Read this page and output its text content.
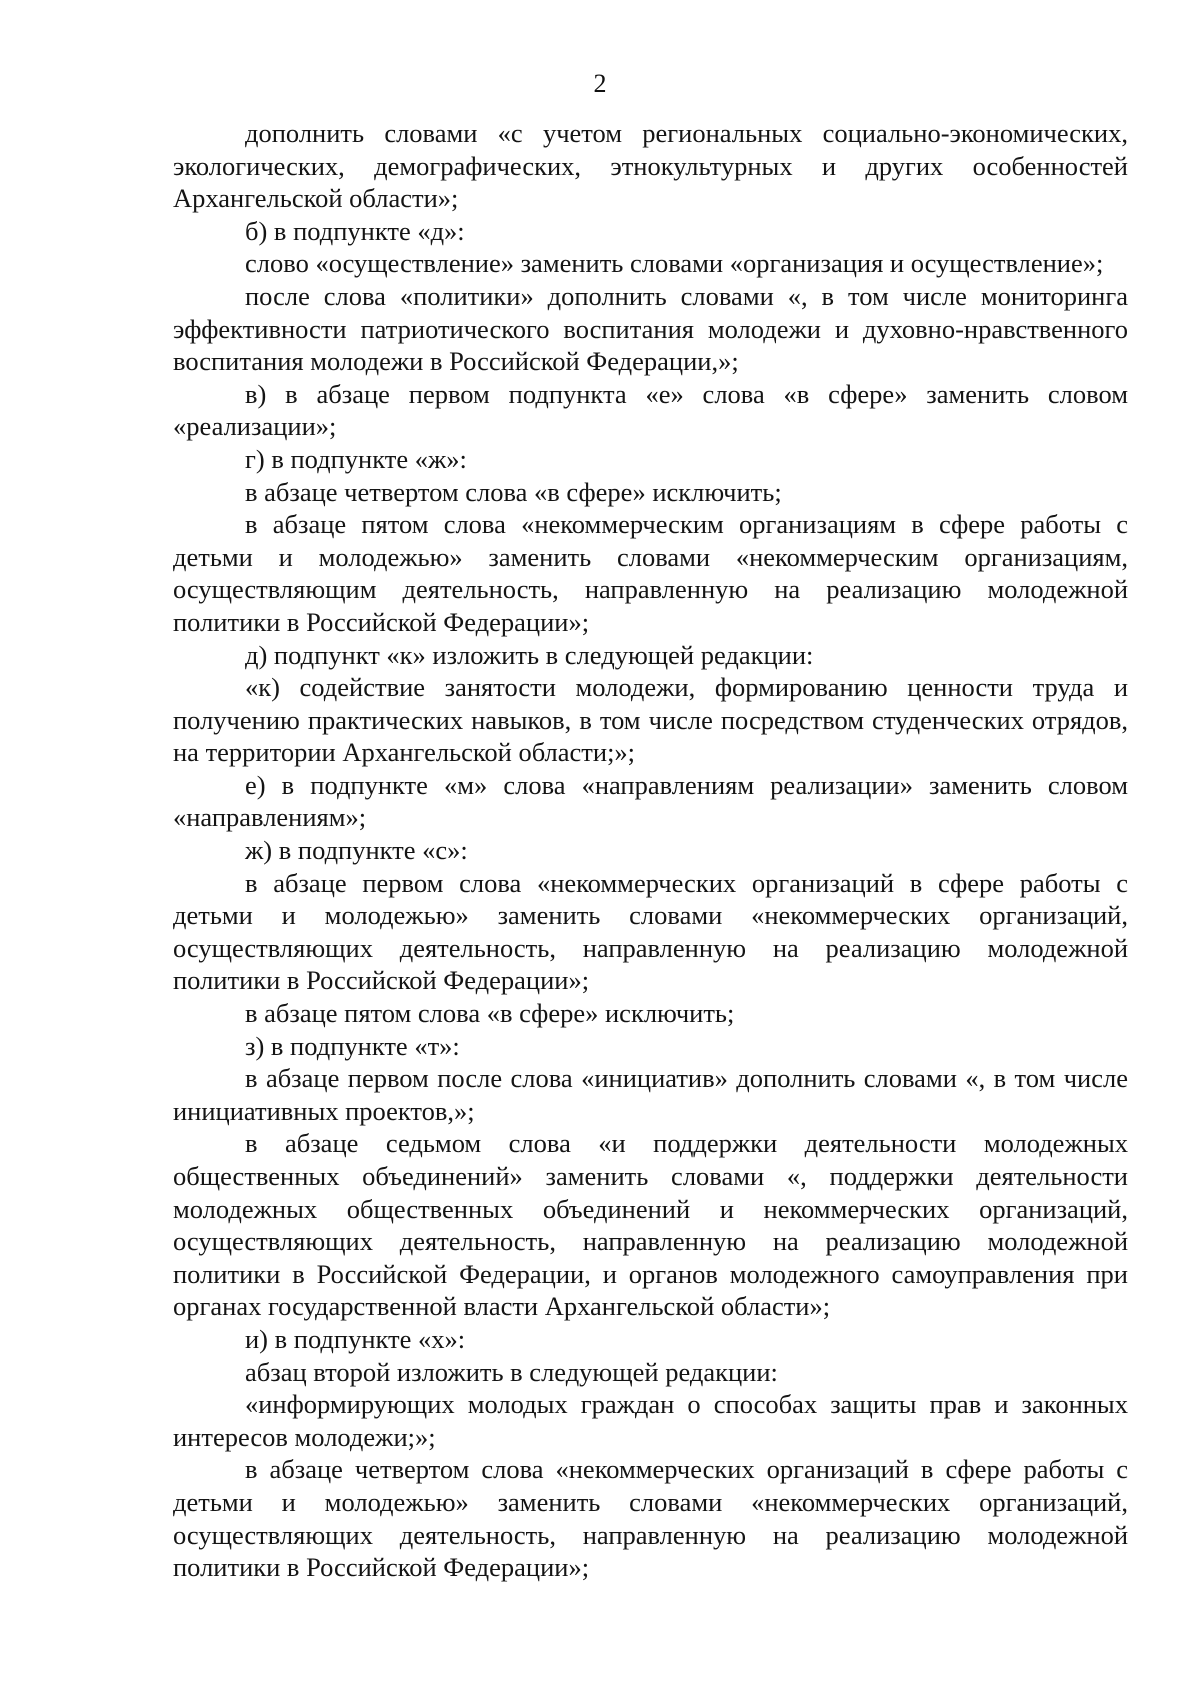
2

дополнить словами «с учетом региональных социально-экономических, экологических, демографических, этнокультурных и других особенностей Архангельской области»;

б) в подпункте «д»:

слово «осуществление» заменить словами «организация и осуществление»;

после слова «политики» дополнить словами «, в том числе мониторинга эффективности патриотического воспитания молодежи и духовно-нравственного воспитания молодежи в Российской Федерации,»;

в) в абзаце первом подпункта «е» слова «в сфере» заменить словом «реализации»;

г) в подпункте «ж»:

в абзаце четвертом слова «в сфере» исключить;

в абзаце пятом слова «некоммерческим организациям в сфере работы с детьми и молодежью» заменить словами «некоммерческим организациям, осуществляющим деятельность, направленную на реализацию молодежной политики в Российской Федерации»;

д) подпункт «к» изложить в следующей редакции:

«к) содействие занятости молодежи, формированию ценности труда и получению практических навыков, в том числе посредством студенческих отрядов, на территории Архангельской области;»;

е) в подпункте «м» слова «направлениям реализации» заменить словом «направлениям»;

ж) в подпункте «с»:

в абзаце первом слова «некоммерческих организаций в сфере работы с детьми и молодежью» заменить словами «некоммерческих организаций, осуществляющих деятельность, направленную на реализацию молодежной политики в Российской Федерации»;

в абзаце пятом слова «в сфере» исключить;

з) в подпункте «т»:

в абзаце первом после слова «инициатив» дополнить словами «, в том числе инициативных проектов,»;

в абзаце седьмом слова «и поддержки деятельности молодежных общественных объединений» заменить словами «, поддержки деятельности молодежных общественных объединений и некоммерческих организаций, осуществляющих деятельность, направленную на реализацию молодежной политики в Российской Федерации, и органов молодежного самоуправления при органах государственной власти Архангельской области»;

и) в подпункте «х»:

абзац второй изложить в следующей редакции:

«информирующих молодых граждан о способах защиты прав и законных интересов молодежи;»;

в абзаце четвертом слова «некоммерческих организаций в сфере работы с детьми и молодежью» заменить словами «некоммерческих организаций, осуществляющих деятельность, направленную на реализацию молодежной политики в Российской Федерации»;
